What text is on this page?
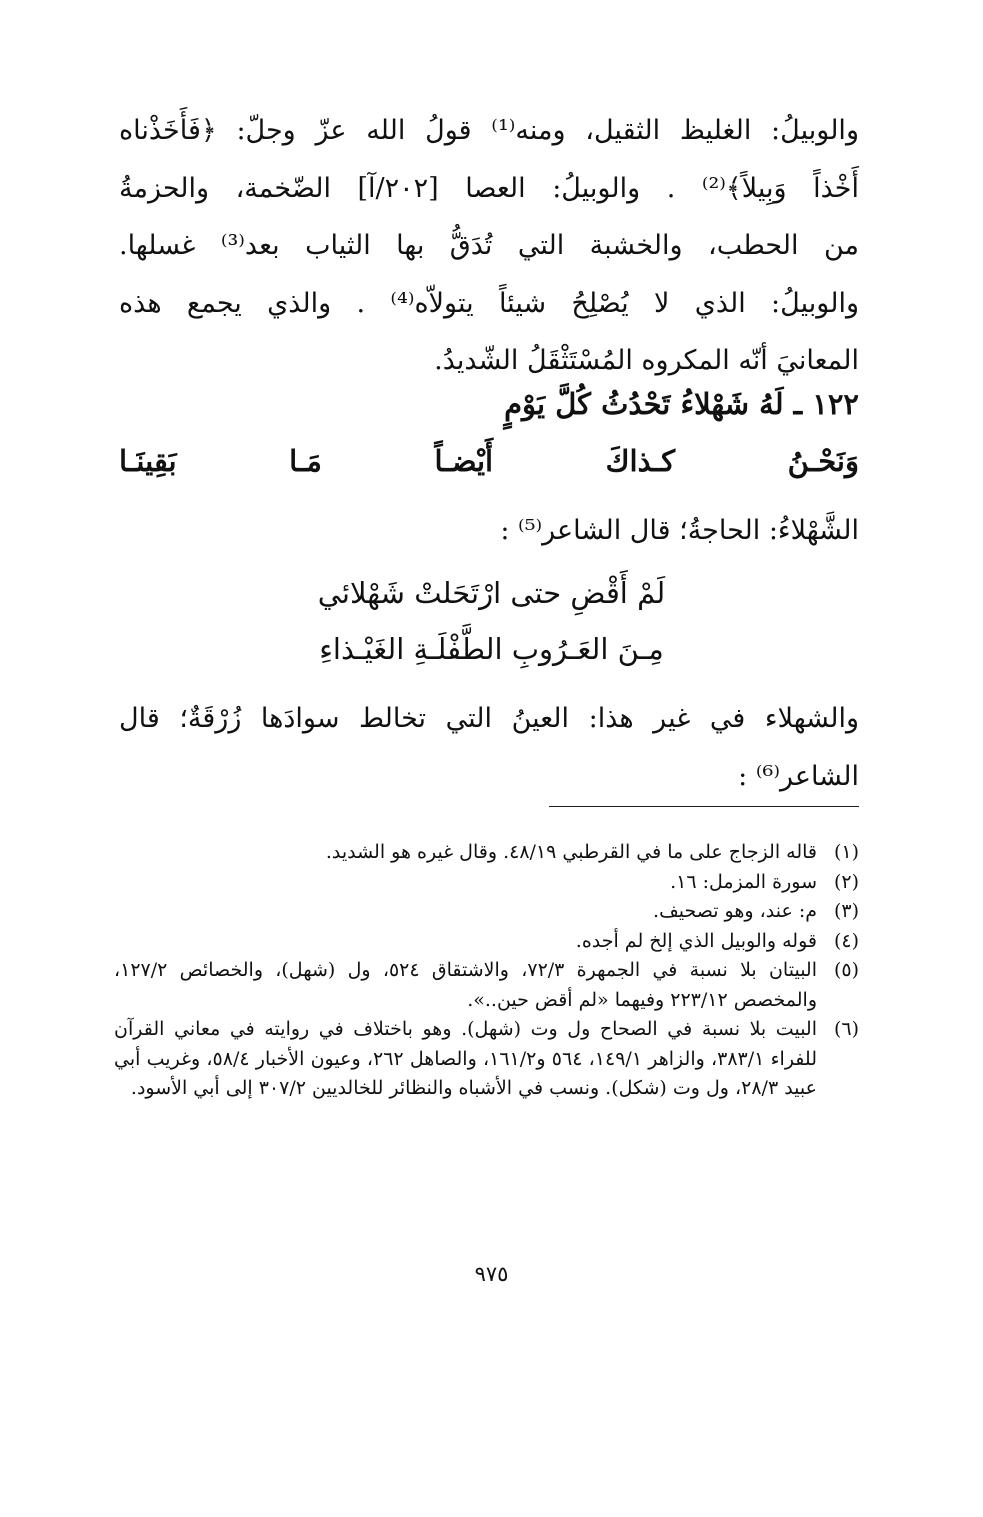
والوبيلُ: الغليظ الثقيل، ومنه⁽¹⁾ قولُ الله عزّ وجلّ: ﴿فَأَخَذْناه
أَخْذاً وَبِيلاً﴾⁽²⁾ . والوبيلُ: العصا [٢٠٢/آ] الضّخمة، والحزمةُ
من الحطب، والخشبة التي تُدَقُّ بها الثياب بعد⁽³⁾ غسلها.
والوبيلُ: الذي لا يُصْلِحُ شيئاً يتولاّه⁽⁴⁾ . والذي يجمع هذه
المعانيَ أنّه المكروه المُسْتَثْقَلُ الشّديدُ.
١٢٢ ـ لَهُ شَهْلاءُ تَحْدُثُ كُلَّ يَوْمٍ
وَنَحْـنُ كـذاكَ أَيْضـاً مَـا بَقِينَـا
الشَّهْلاءُ: الحاجةُ؛ قال الشاعر⁽⁵⁾ :
لَمْ أَقْضِ حتى ارْتَحَلتْ شَهْلائي
مِـنَ العَـرُوبِ الطَّفْلَـةِ الغَيْـذاءِ
والشهلاء في غير هذا: العينُ التي تخالط سوادَها زُرْقَةٌ؛ قال
الشاعر⁽⁶⁾ :
(١)
قاله الزجاج على ما في القرطبي ٤٨/١٩. وقال غيره هو الشديد.
(٢)
سورة المزمل: ١٦.
(٣)
م: عند، وهو تصحيف.
(٤)
قوله والوبيل الذي إلخ لم أجده.
(٥)
البيتان بلا نسبة في الجمهرة ٧٢/٣، والاشتقاق ٥٢٤، ول (شهل)، والخصائص ١٢٧/٢، والمخصص ٢٢٣/١٢ وفيهما «لم أقض حين..».
(٦)
البيت بلا نسبة في الصحاح ول وت (شهل). وهو باختلاف في روايته في معاني القرآن للفراء ٣٨٣/١، والزاهر ١٤٩/١، ٥٦٤ و١٦١/٢، والصاهل ٢٦٢، وعيون الأخبار ٥٨/٤، وغريب أبي عبيد ٢٨/٣، ول وت (شكل). ونسب في الأشباه والنظائر للخالديين ٣٠٧/٢ إلى أبي الأسود.
٩٧٥
